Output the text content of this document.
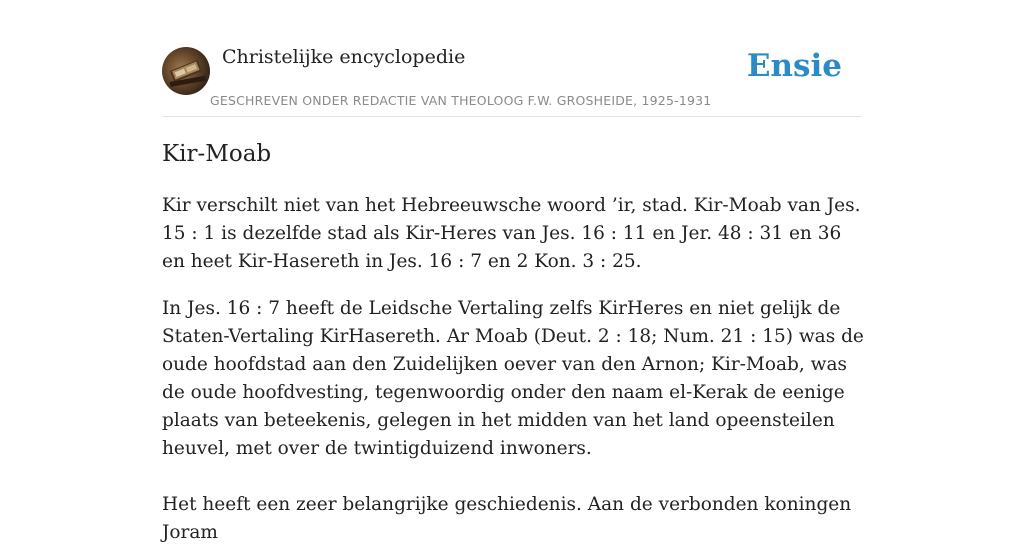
Christelijke encyclopedie
GESCHREVEN ONDER REDACTIE VAN THEOLOOG F.W. GROSHEIDE, 1925-1931
Ensie
Kir-Moab

Kir verschilt niet van het Hebreeuwsche woord ’ir, stad. Kir-Moab van Jes. 15 : 1 is dezelfde stad als Kir-Heres van Jes. 16 : 11 en Jer. 48 : 31 en 36 en heet Kir-Hasereth in Jes. 16 : 7 en 2 Kon. 3 : 25.

In Jes. 16 : 7 heeft de Leidsche Vertaling zelfs KirHeres en niet gelijk de Staten-Vertaling KirHasereth. Ar Moab (Deut. 2 : 18; Num. 21 : 15) was de oude hoofdstad aan den Zuidelijken oever van den Arnon; Kir-Moab, was de oude hoofdvesting, tegenwoordig onder den naam el-Kerak de eenige plaats van beteekenis, gelegen in het midden van het land opeensteilen heuvel, met over de twintigduizend inwoners.

Het heeft een zeer belangrijke geschiedenis. Aan de verbonden koningen Joram
